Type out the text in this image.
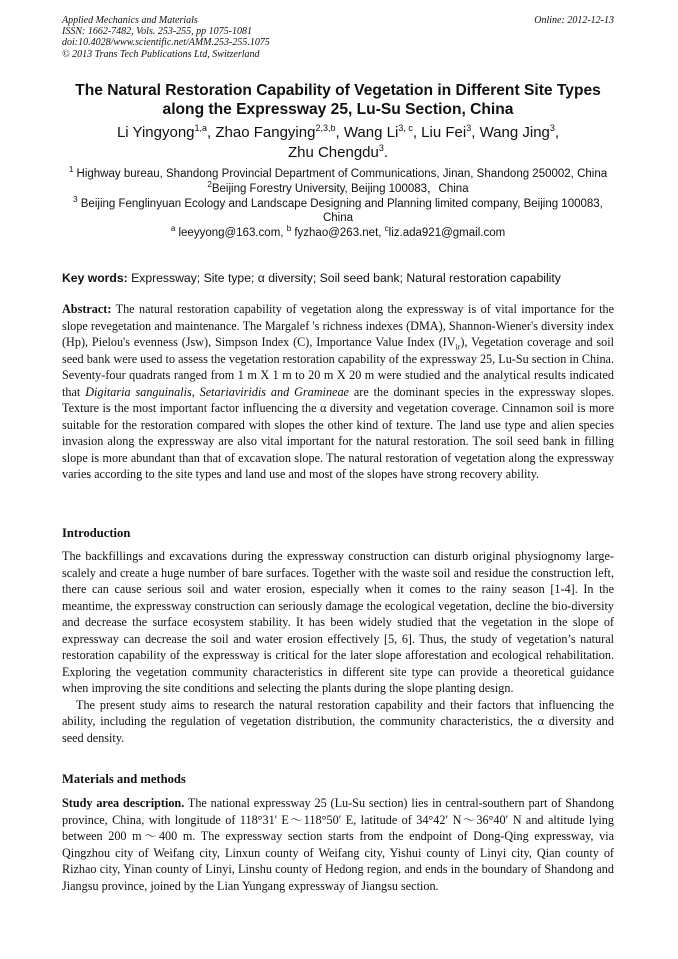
Applied Mechanics and Materials
ISSN: 1662-7482, Vols. 253-255, pp 1075-1081
doi:10.4028/www.scientific.net/AMM.253-255.1075
© 2013 Trans Tech Publications Ltd, Switzerland
Online: 2012-12-13
The Natural Restoration Capability of Vegetation in Different Site Types
along the Expressway 25, Lu-Su Section, China
Li Yingyong$^{1,a}$, Zhao Fangying$^{2,3,b}$, Wang Li$^{3, c}$, Liu Fei$^3$, Wang Jing$^3$,
Zhu Chengdu$^3$.
$^1$ Highway bureau, Shandong Provincial Department of Communications, Jinan, Shandong 250002, China
$^2$Beijing Forestry University, Beijing 100083，China
$^3$ Beijing Fenglinyuan Ecology and Landscape Designing and Planning limited company, Beijing 100083, China
$^a$ leeyyong@163.com, $^b$ fyzhao@263.net, $^c$liz.ada921@gmail.com
Key words: Expressway; Site type; α diversity; Soil seed bank; Natural restoration capability
Abstract: The natural restoration capability of vegetation along the expressway is of vital importance for the slope revegetation and maintenance. The Margalef 's richness indexes (DMA), Shannon-Wiener's diversity index (Hp), Pielou's evenness (Jsw), Simpson Index (C), Importance Value Index $(IV_{ir})$, Vegetation coverage and soil seed bank were used to assess the vegetation restoration capability of the expressway 25, Lu-Su section in China. Seventy-four quadrats ranged from 1 m X 1 m to 20 m X 20 m were studied and the analytical results indicated that Digitaria sanguinalis, Setariaviridis and Gramineae are the dominant species in the expressway slopes. Texture is the most important factor influencing the α diversity and vegetation coverage. Cinnamon soil is more suitable for the restoration compared with slopes the other kind of texture. The land use type and alien species invasion along the expressway are also vital important for the natural restoration. The soil seed bank in filling slope is more abundant than that of excavation slope. The natural restoration of vegetation along the expressway varies according to the site types and land use and most of the slopes have strong recovery ability.
Introduction

The backfillings and excavations during the expressway construction can disturb original physiognomy large-scalely and create a huge number of bare surfaces. Together with the waste soil and residue the construction left, there can cause serious soil and water erosion, especially when it comes to the rainy season [1-4]. In the meantime, the expressway construction can seriously damage the ecological vegetation, decline the bio-diversity and decrease the surface ecosystem stability. It has been widely studied that the vegetation in the slope of expressway can decrease the soil and water erosion effectively [5, 6]. Thus, the study of vegetation’s natural restoration capability of the expressway is critical for the later slope afforestation and ecological rehabilitation. Exploring the vegetation community characteristics in different site type can provide a theoretical guidance when improving the site conditions and selecting the plants during the slope planting design.

The present study aims to research the natural restoration capability and their factors that influencing the ability, including the regulation of vegetation distribution, the community characteristics, the α diversity and seed density.

Materials and methods
Study area description. The national expressway 25 (Lu-Su section) lies in central-southern part of Shandong province, China, with longitude of 118°31' E～118°50′ E, latitude of 34°42′ N～36°40′ N and altitude lying between 200 m～400 m. The expressway section starts from the endpoint of Dong-Qing expressway, via Qingzhou city of Weifang city, Linxun county of Weifang city, Yishui county of Linyi city, Qian county of Rizhao city, Yinan county of Linyi, Linshu county of Hedong region, and ends in the boundary of Shandong and Jiangsu province, joined by the Lian Yungang expressway of Jiangsu section.
